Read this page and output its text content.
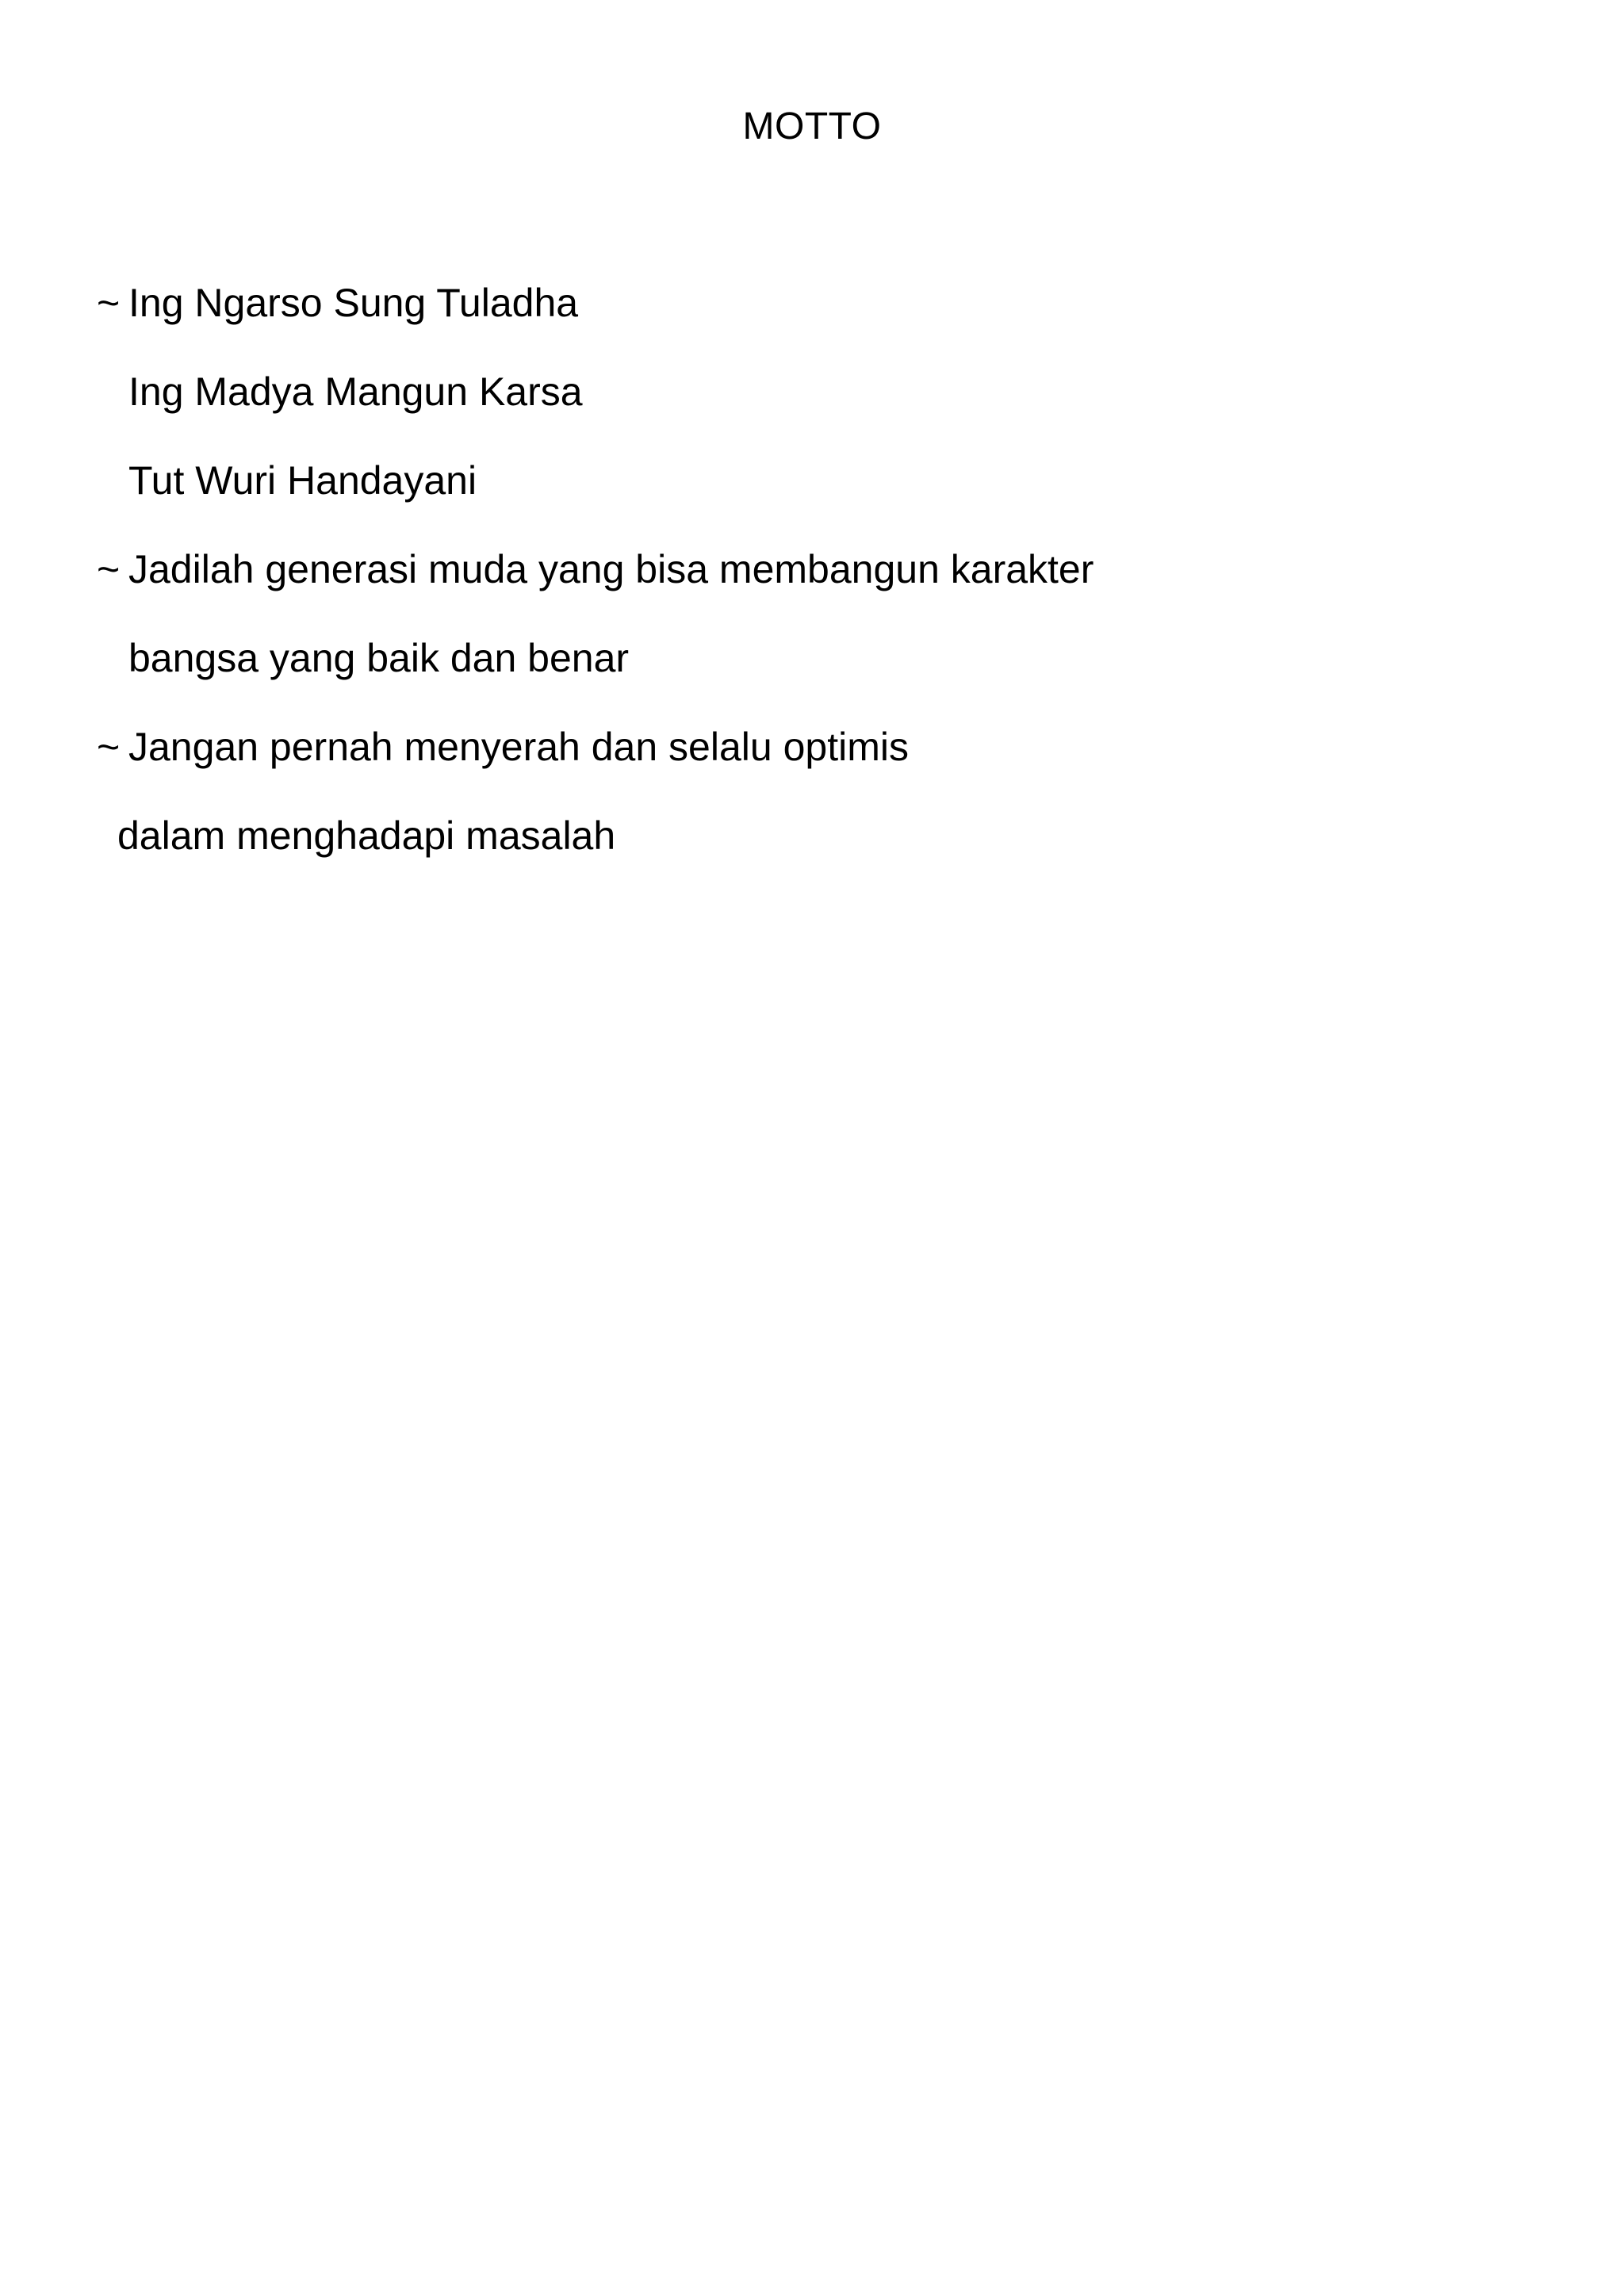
MOTTO
~ Ing Ngarso Sung Tuladha
Ing Madya Mangun Karsa
Tut Wuri Handayani
~ Jadilah generasi muda yang bisa membangun karakter
bangsa yang baik dan benar
~ Jangan pernah menyerah dan selalu optimis
dalam menghadapi masalah
